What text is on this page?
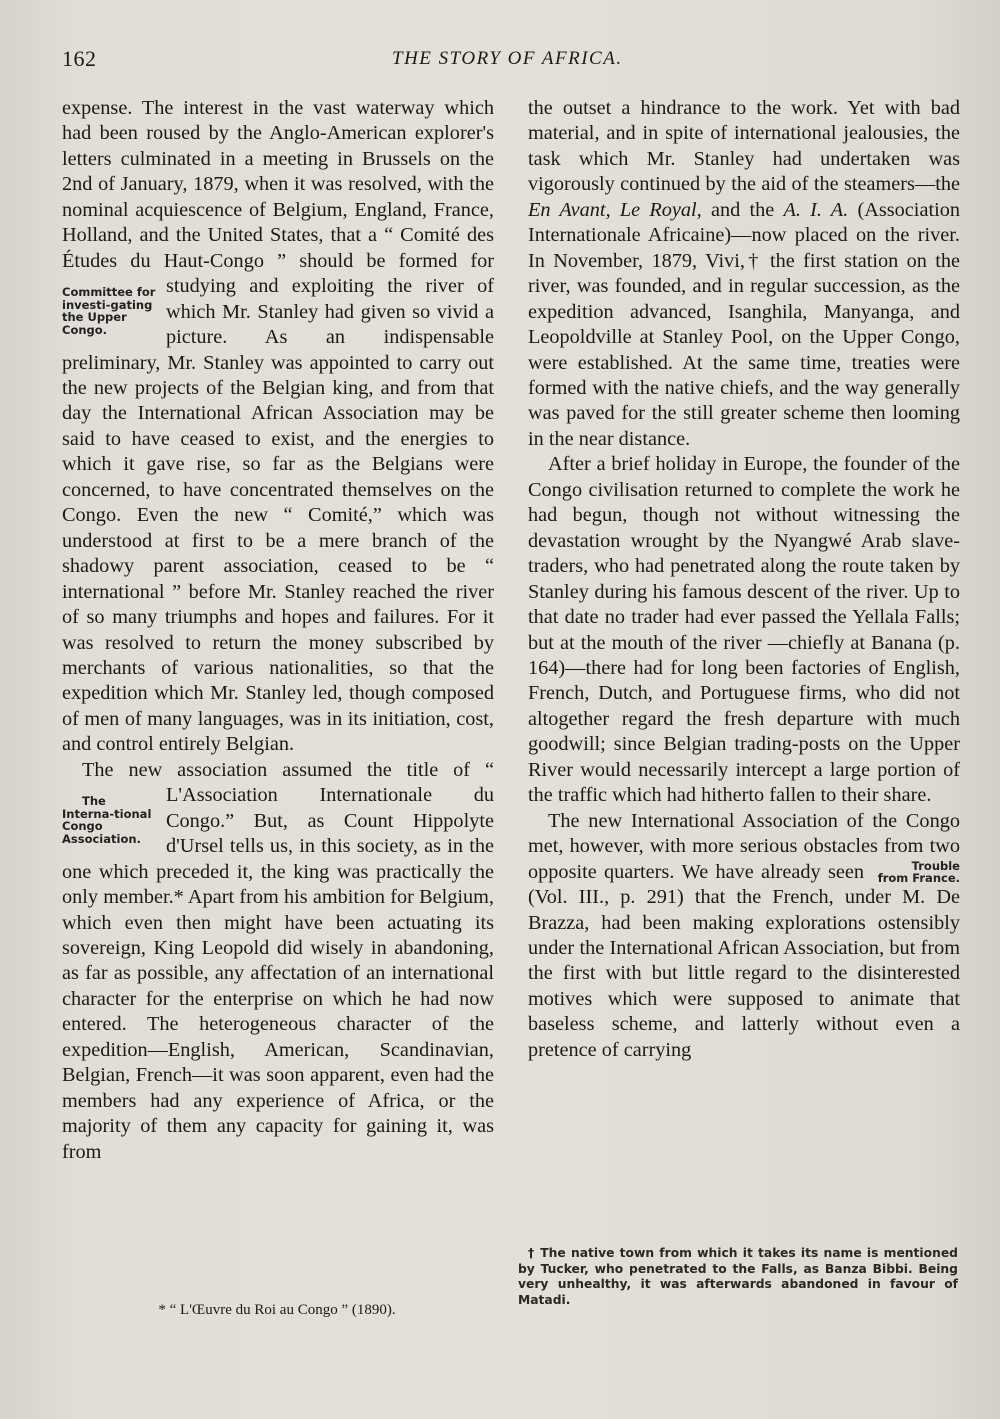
162	THE STORY OF AFRICA.

expense. The interest in the vast waterway which had been roused by the Anglo-American explorer's letters culminated in a meeting in Brussels on the 2nd of January, 1879, when it was resolved, with the nominal acquiescence of Belgium, England, France, Holland, and the United States, that a “ Comité des Études du Haut-Congo ” should be formed for studying and exploiting the
Committee for investi-gating the Upper Congo.
river of which Mr. Stanley had given so vivid a picture. As an indispensable preliminary, Mr. Stanley was appointed to carry out the new projects of the Belgian king, and from that day the International African Association may be said to have ceased to exist, and the energies to which it gave rise, so far as the Belgians were concerned, to have concentrated themselves on the Congo. Even the new “ Comité,” which was understood at first to be a mere branch of the shadowy parent association, ceased to be “ international ” before Mr. Stanley reached the river of so many triumphs and hopes and failures. For it was resolved to return the money subscribed by merchants of various nationalities, so that the expedition which Mr. Stanley led, though composed of men of many languages, was in its initiation, cost, and control entirely Belgian.

The new association assumed the title of
The Interna-tional Congo Association.
“ L'Association Internationale du Congo.” But, as Count Hippolyte d'Ursel tells us, in this society, as in the one which preceded it, the king was practically the only member.* Apart from his ambition for Belgium, which even then might have been actuating its sovereign, King Leopold did wisely in abandoning, as far as possible, any affectation of an international character for the enterprise on which he had now entered. The heterogeneous character of the expedition—English, American, Scandinavian, Belgian, French—it was soon apparent, even had the members had any experience of Africa, or the majority of them any capacity for gaining it, was from

the outset a hindrance to the work. Yet with bad material, and in spite of international jealousies, the task which Mr. Stanley had undertaken was vigorously continued by the aid of the steamers—the En Avant, Le Royal, and the A. I. A. (Association Internationale Africaine)—now placed on the river. In November, 1879, Vivi,† the first station on the river, was founded, and in regular succession, as the expedition advanced, Isanghila, Manyanga, and Leopoldville at Stanley Pool, on the Upper Congo, were established. At the same time, treaties were formed with the native chiefs, and the way generally was paved for the still greater scheme then looming in the near distance.

After a brief holiday in Europe, the founder of the Congo civilisation returned to complete the work he had begun, though not without witnessing the devastation wrought by the Nyangwé Arab slave-traders, who had penetrated along the route taken by Stanley during his famous descent of the river. Up to that date no trader had ever passed the Yellala Falls; but at the mouth of the river —chiefly at Banana (p. 164)—there had for long been factories of English, French, Dutch, and Portuguese firms, who did not altogether regard the fresh departure with much goodwill; since Belgian trading-posts on the Upper River would necessarily intercept a large portion of the traffic which had hitherto fallen to their share.

The new International Association of the Congo met, however, with more serious obstacles from two opposite quarters.	Trouble from France.
We have already seen (Vol. III., p. 291) that the French, under M. De Brazza, had been making explorations ostensibly under the International African Association, but from the first with but little regard to the disinterested motives which were supposed to animate that baseless scheme, and latterly without even a pretence of carrying

* “ L'Œuvre du Roi au Congo ” (1890).

† The native town from which it takes its name is mentioned by Tucker, who penetrated to the Falls, as Banza Bibbi. Being very unhealthy, it was afterwards abandoned in favour of Matadi.
